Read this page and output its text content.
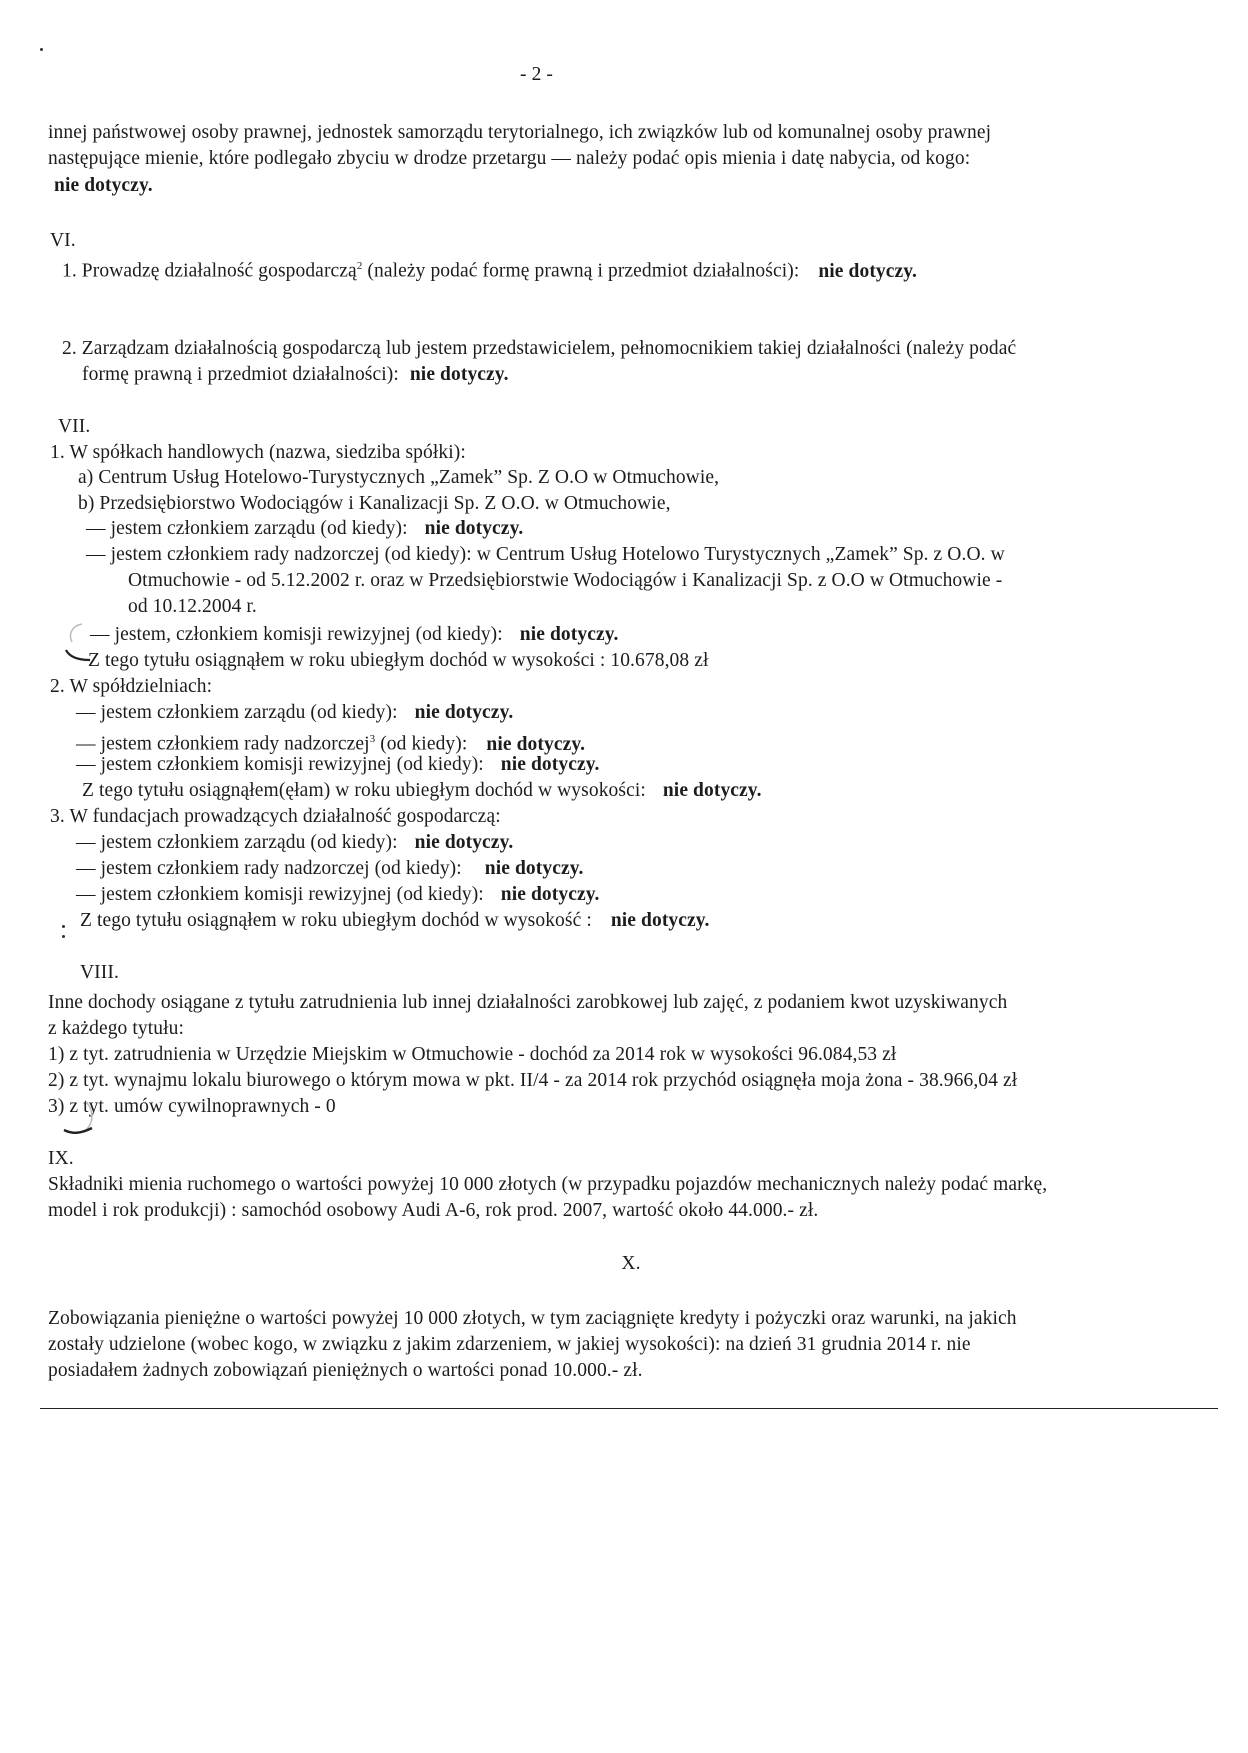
- 2 -
innej państwowej osoby prawnej, jednostek samorządu terytorialnego, ich związków lub od komunalnej osoby prawnej
następujące mienie, które podlegało zbyciu w drodze przetargu — należy podać opis mienia i datę nabycia, od kogo:
nie dotyczy.
VI.
1. Prowadzę działalność gospodarczą$^2$ (należy podać formę prawną i przedmiot działalności): nie dotyczy.
2. Zarządzam działalnością gospodarczą lub jestem przedstawicielem, pełnomocnikiem takiej działalności (należy podać
formę prawną i przedmiot działalności): nie dotyczy.
VII.
1. W spółkach handlowych (nazwa, siedziba spółki):
a) Centrum Usług Hotelowo-Turystycznych „Zamek” Sp. Z O.O w Otmuchowie,
b) Przedsiębiorstwo Wodociągów i Kanalizacji Sp. Z O.O. w Otmuchowie,
— jestem członkiem zarządu (od kiedy): nie dotyczy.
— jestem członkiem rady nadzorczej (od kiedy): w Centrum Usług Hotelowo Turystycznych „Zamek” Sp. z O.O. w
Otmuchowie - od 5.12.2002 r. oraz w Przedsiębiorstwie Wodociągów i Kanalizacji Sp. z O.O w Otmuchowie -
od 10.12.2004 r.
— jestem, członkiem komisji rewizyjnej (od kiedy): nie dotyczy.
Z tego tytułu osiągnąłem w roku ubiegłym dochód w wysokości : 10.678,08 zł
2. W spółdzielniach:
— jestem członkiem zarządu (od kiedy): nie dotyczy.
— jestem członkiem rady nadzorczej$^3$ (od kiedy): nie dotyczy.
— jestem członkiem komisji rewizyjnej (od kiedy): nie dotyczy.
Z tego tytułu osiągnąłem(ęłam) w roku ubiegłym dochód w wysokości: nie dotyczy.
3. W fundacjach prowadzących działalność gospodarczą:
— jestem członkiem zarządu (od kiedy): nie dotyczy.
— jestem członkiem rady nadzorczej (od kiedy): nie dotyczy.
— jestem członkiem komisji rewizyjnej (od kiedy): nie dotyczy.
Z tego tytułu osiągnąłem w roku ubiegłym dochód w wysokość : nie dotyczy.
VIII.
Inne dochody osiągane z tytułu zatrudnienia lub innej działalności zarobkowej lub zajęć, z podaniem kwot uzyskiwanych
z każdego tytułu:
1) z tyt. zatrudnienia w Urzędzie Miejskim w Otmuchowie - dochód za 2014 rok w wysokości 96.084,53 zł
2) z tyt. wynajmu lokalu biurowego o którym mowa w pkt. II/4 - za 2014 rok przychód osiągnęła moja żona - 38.966,04 zł
3) z tyt. umów cywilnoprawnych - 0
IX.
Składniki mienia ruchomego o wartości powyżej 10 000 złotych (w przypadku pojazdów mechanicznych należy podać markę,
model i rok produkcji) : samochód osobowy Audi A-6, rok prod. 2007, wartość około 44.000.- zł.
X.
Zobowiązania pieniężne o wartości powyżej 10 000 złotych, w tym zaciągnięte kredyty i pożyczki oraz warunki, na jakich
zostały udzielone (wobec kogo, w związku z jakim zdarzeniem, w jakiej wysokości): na dzień 31 grudnia 2014 r. nie
posiadałem żadnych zobowiązań pieniężnych o wartości ponad 10.000.- zł.
